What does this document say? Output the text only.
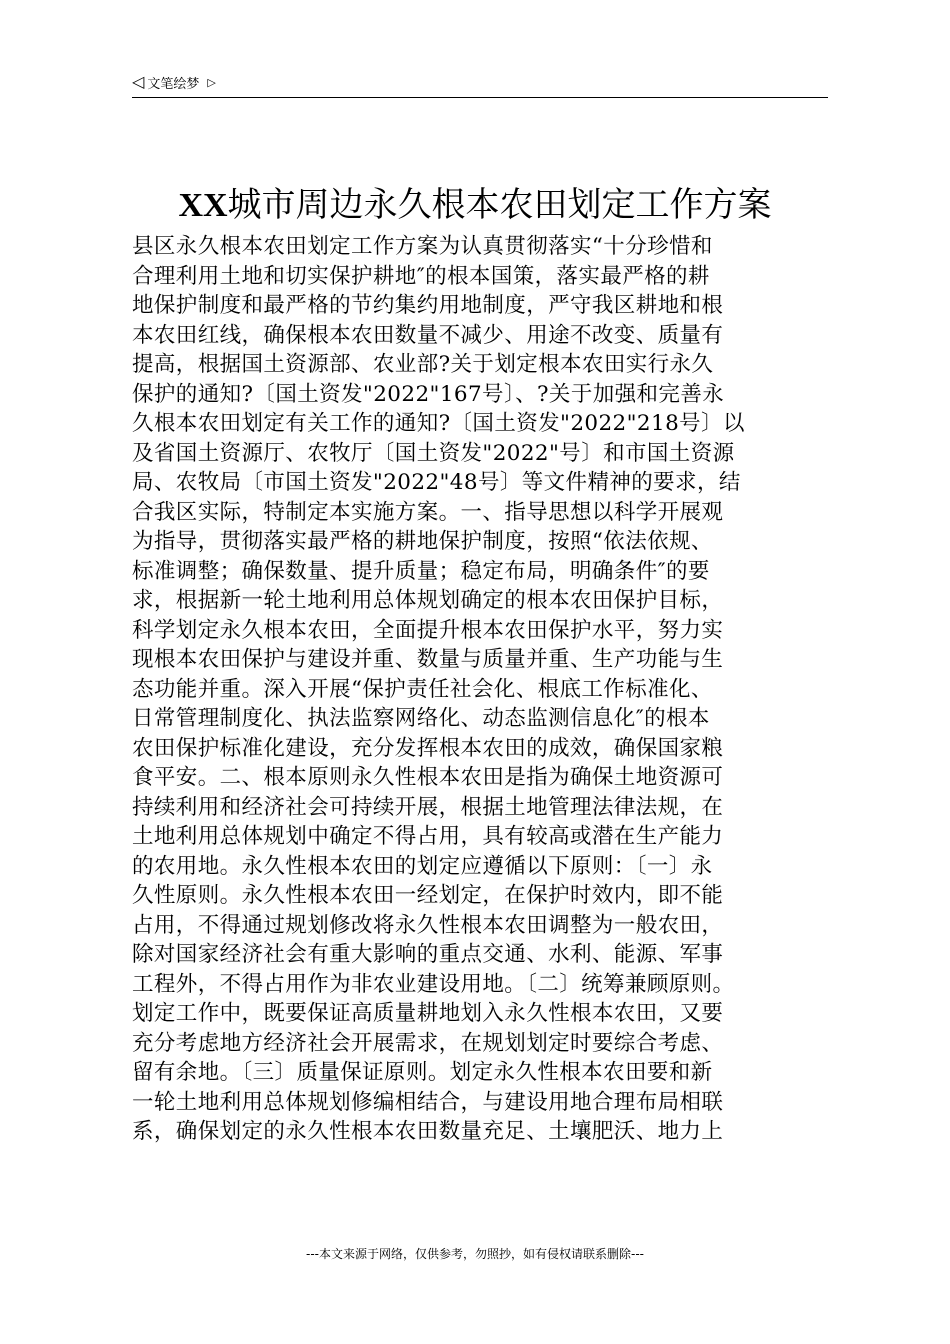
◁ 文笔绘梦 ▷
XX城市周边永久根本农田划定工作方案
县区永久根本农田划定工作方案为认真贯彻落实“十分珍惜和
合理利用土地和切实保护耕地″的根本国策，落实最严格的耕
地保护制度和最严格的节约集约用地制度，严守我区耕地和根
本农田红线，确保根本农田数量不减少、用途不改变、质量有
提高，根据国土资源部、农业部?关于划定根本农田实行永久
保护的通知?〔国土资发"2022"167号〕、?关于加强和完善永
久根本农田划定有关工作的通知?〔国土资发"2022"218号〕以
及省国土资源厅、农牧厅〔国土资发"2022"号〕和市国土资源
局、农牧局〔市国土资发"2022"48号〕等文件精神的要求，结
合我区实际，特制定本实施方案。一、指导思想以科学开展观
为指导，贯彻落实最严格的耕地保护制度，按照“依法依规、
标准调整；确保数量、提升质量；稳定布局，明确条件″的要
求，根据新一轮土地利用总体规划确定的根本农田保护目标，
科学划定永久根本农田，全面提升根本农田保护水平，努力实
现根本农田保护与建设并重、数量与质量并重、生产功能与生
态功能并重。深入开展“保护责任社会化、根底工作标准化、
日常管理制度化、执法监察网络化、动态监测信息化″的根本
农田保护标准化建设，充分发挥根本农田的成效，确保国家粮
食平安。二、根本原则永久性根本农田是指为确保土地资源可
持续利用和经济社会可持续开展，根据土地管理法律法规，在
土地利用总体规划中确定不得占用，具有较高或潜在生产能力
的农用地。永久性根本农田的划定应遵循以下原则：〔一〕永
久性原则。永久性根本农田一经划定，在保护时效内，即不能
占用，不得通过规划修改将永久性根本农田调整为一般农田，
除对国家经济社会有重大影响的重点交通、水利、能源、军事
工程外，不得占用作为非农业建设用地。〔二〕统筹兼顾原则。
划定工作中，既要保证高质量耕地划入永久性根本农田，又要
充分考虑地方经济社会开展需求，在规划划定时要综合考虑、
留有余地。〔三〕质量保证原则。划定永久性根本农田要和新
一轮土地利用总体规划修编相结合，与建设用地合理布局相联
系，确保划定的永久性根本农田数量充足、土壤肥沃、地力上
---本文来源于网络，仅供参考，勿照抄，如有侵权请联系删除---
